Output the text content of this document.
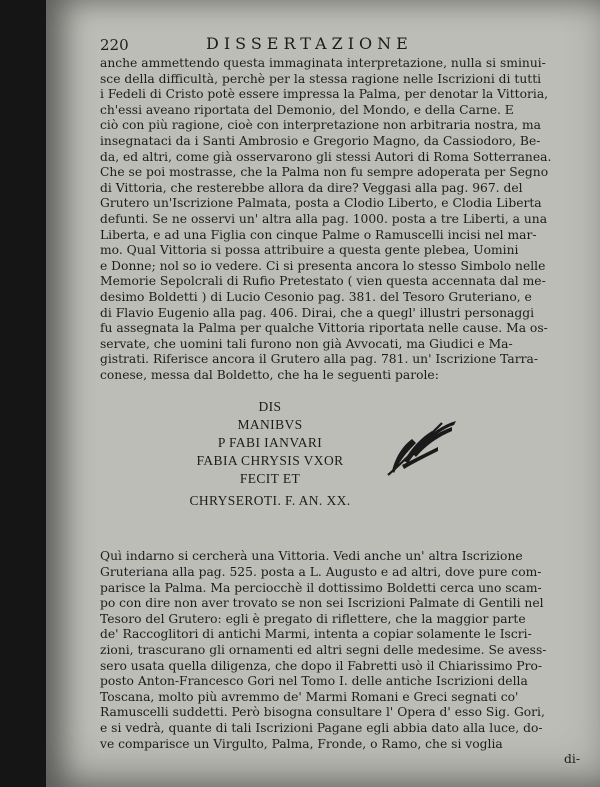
220	DISSERTAZIONE

anche ammettendo questa immaginata interpretazione, nulla si sminui-
sce della difficultà, perchè per la stessa ragione nelle Iscrizioni di tutti
i Fedeli di Cristo potè essere impressa la Palma, per denotar la Vittoria,
ch'essi aveano riportata del Demonio, del Mondo, e della Carne. E
ciò con più ragione, cioè con interpretazione non arbitraria nostra, ma
insegnataci da i Santi Ambrosio e Gregorio Magno, da Cassiodoro, Be-
da, ed altri, come già osservarono gli stessi Autori di Roma Sotterranea.
Che se poi mostrasse, che la Palma non fu sempre adoperata per Segno
di Vittoria, che resterebbe allora da dire? Veggasi alla pag. 967. del
Grutero un'Iscrizione Palmata, posta a Clodio Liberto, e Clodia Liberta
defunti. Se ne osservi un' altra alla pag. 1000. posta a tre Liberti, a una
Liberta, e ad una Figlia con cinque Palme o Ramuscelli incisi nel mar-
mo. Qual Vittoria si possa attribuire a questa gente plebea, Uomini
e Donne; nol so io vedere. Ci si presenta ancora lo stesso Simbolo nelle
Memorie Sepolcrali di Rufio Pretestato ( vien questa accennata dal me-
desimo Boldetti ) di Lucio Cesonio pag. 381. del Tesoro Gruteriano, e
di Flavio Eugenio alla pag. 406. Dirai, che a quegl' illustri personaggi
fu assegnata la Palma per qualche Vittoria riportata nelle cause. Ma os-
servate, che uomini tali furono non già Avvocati, ma Giudici e Ma-
gistrati. Riferisce ancora il Grutero alla pag. 781. un' Iscrizione Tarra-
conese, messa dal Boldetto, che ha le seguenti parole:

DIS
MANIBVS
P FABI IANVARI
FABIA CHRYSIS VXOR
FECIT ET
CHRYSEROTI. F. AN. XX.

Quì indarno si cercherà una Vittoria. Vedi anche un' altra Iscrizione
Gruteriana alla pag. 525. posta a L. Augusto e ad altri, dove pure com-
parisce la Palma. Ma perciocchè il dottissimo Boldetti cerca uno scam-
po con dire non aver trovato se non sei Iscrizioni Palmate di Gentili nel
Tesoro del Grutero: egli è pregato di riflettere, che la maggior parte
de' Raccoglitori di antichi Marmi, intenta a copiar solamente le Iscri-
zioni, trascurano gli ornamenti ed altri segni delle medesime. Se avess-
sero usata quella diligenza, che dopo il Fabretti usò il Chiarissimo Pro-
posto Anton-Francesco Gori nel Tomo I. delle antiche Iscrizioni della
Toscana, molto più avremmo de' Marmi Romani e Greci segnati co'
Ramuscelli suddetti. Però bisogna consultare l' Opera d' esso Sig. Gori,
e si vedrà, quante di tali Iscrizioni Pagane egli abbia dato alla luce, do-
ve comparisce un Virgulto, Palma, Fronde, o Ramo, che si voglia
di-
